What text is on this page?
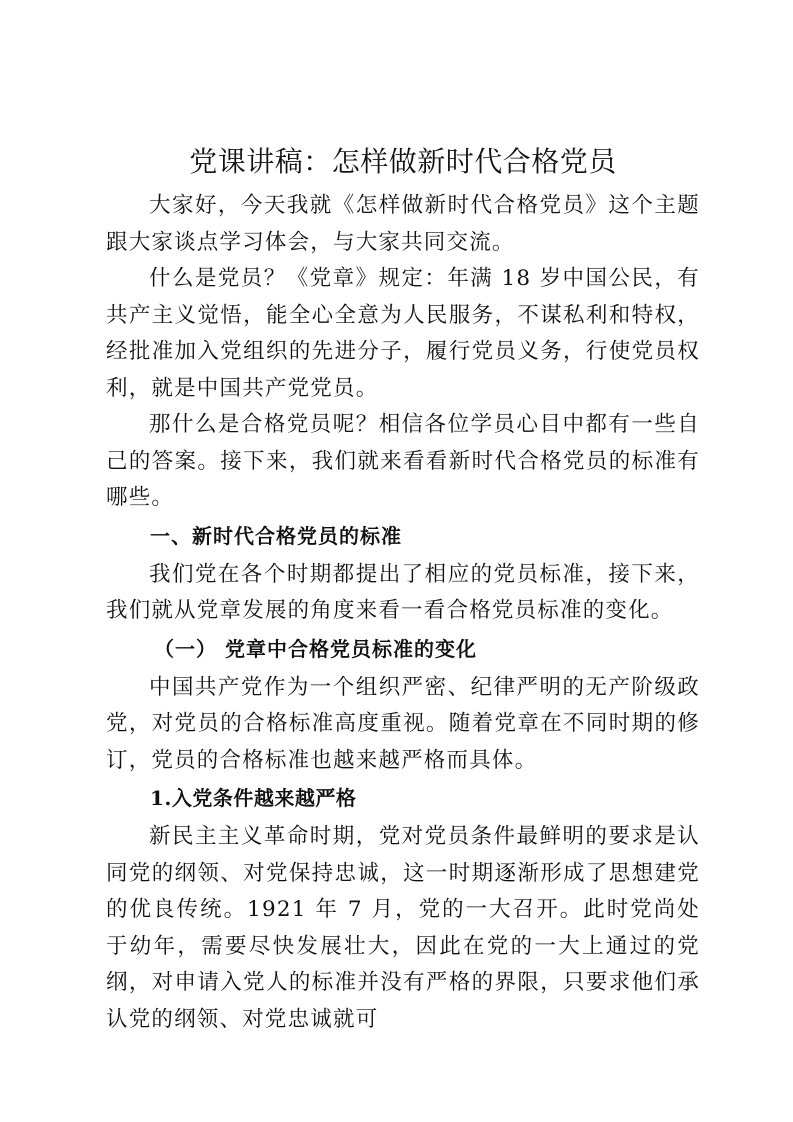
党课讲稿：怎样做新时代合格党员

大家好，今天我就《怎样做新时代合格党员》这个主题跟大家谈点学习体会，与大家共同交流。

什么是党员？《党章》规定：年满 18 岁中国公民，有共产主义觉悟，能全心全意为人民服务，不谋私利和特权，经批准加入党组织的先进分子，履行党员义务，行使党员权利，就是中国共产党党员。

那什么是合格党员呢？相信各位学员心目中都有一些自己的答案。接下来，我们就来看看新时代合格党员的标准有哪些。

一、新时代合格党员的标准

我们党在各个时期都提出了相应的党员标准，接下来，我们就从党章发展的角度来看一看合格党员标准的变化。

（一） 党章中合格党员标准的变化

中国共产党作为一个组织严密、纪律严明的无产阶级政党，对党员的合格标准高度重视。随着党章在不同时期的修订，党员的合格标准也越来越严格而具体。

1.入党条件越来越严格

新民主主义革命时期，党对党员条件最鲜明的要求是认同党的纲领、对党保持忠诚，这一时期逐渐形成了思想建党的优良传统。1921 年 7 月，党的一大召开。此时党尚处于幼年，需要尽快发展壮大，因此在党的一大上通过的党纲，对申请入党人的标准并没有严格的界限，只要求他们承认党的纲领、对党忠诚就可
